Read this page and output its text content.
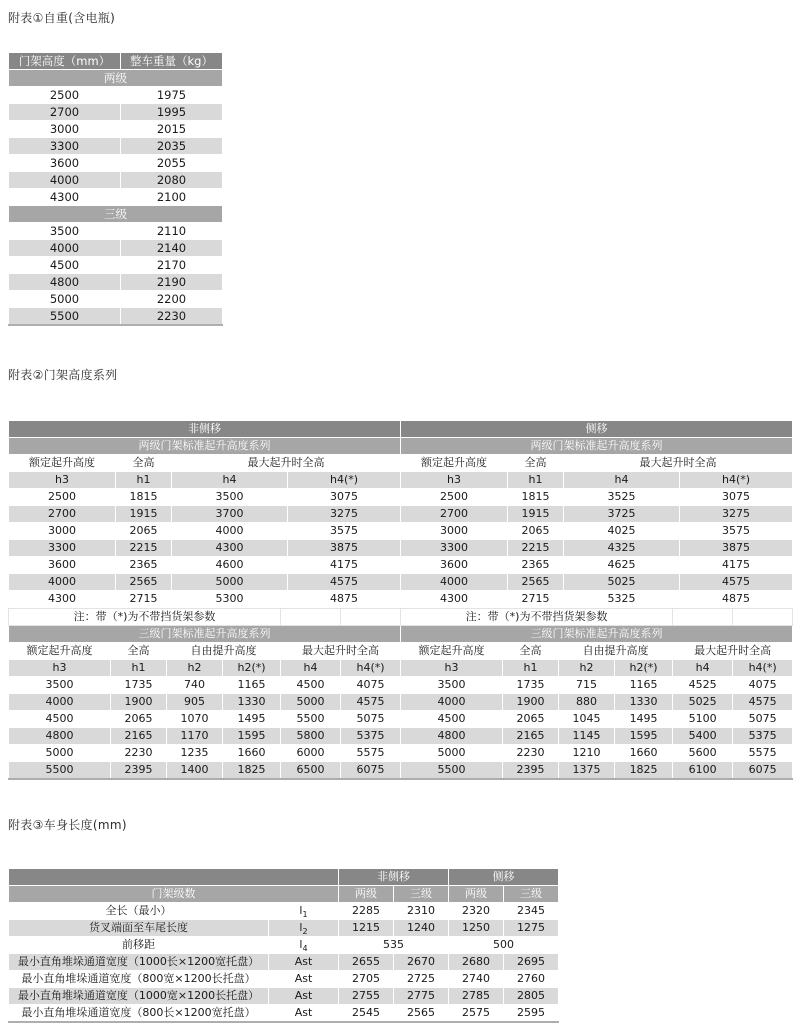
附表①自重(含电瓶)
门架高度（mm）	整车重量（kg）
两级	
2500	1975
2700	1995
3000	2015
3300	2035
3600	2055
4000	2080
4300	2100
三级	
3500	2110
4000	2140
4500	2170
4800	2190
5000	2200
5500	2230
附表②门架高度系列
非侧移				侧移			
两级门架标准起升高度系列				两级门架标准起升高度系列			
额定起升高度	全高	最大起升时全高		额定起升高度	全高	最大起升时全高	
h3	h1	h4	h4(*)	h3	h1	h4	h4(*)
2500	1815	3500	3075	2500	1815	3525	3075
2700	1915	3700	3275	2700	1915	3725	3275
3000	2065	4000	3575	3000	2065	4025	3575
3300	2215	4300	3875	3300	2215	4325	3875
3600	2365	4600	4175	3600	2365	4625	4175
4000	2565	5000	4575	4000	2565	5025	4575
4300	2715	5300	4875	4300	2715	5325	4875
注：带（*)为不带挡货架参数						注：带（*)为不带挡货架参数					
三级门架标准起升高度系列						三级门架标准起升高度系列					
额定起升高度	全高	自由提升高度		最大起升时全高		额定起升高度	全高	自由提升高度		最大起升时全高	
h3	h1	h2	h2(*)	h4	h4(*)	h3	h1	h2	h2(*)	h4	h4(*)
3500	1735	740	1165	4500	4075	3500	1735	715	1165	4525	4075
4000	1900	905	1330	5000	4575	4000	1900	880	1330	5025	4575
4500	2065	1070	1495	5500	5075	4500	2065	1045	1495	5100	5075
4800	2165	1170	1595	5800	5375	4800	2165	1145	1595	5400	5375
5000	2230	1235	1660	6000	5575	5000	2230	1210	1660	5600	5575
5500	2395	1400	1825	6500	6075	5500	2395	1375	1825	6100	6075
附表③车身长度(mm)
		非侧移		侧移	
门架级数		两级	三级	两级	三级
全长（最小）	$l_1$	2285	2310	2320	2345
货叉端面至车尾长度	$l_2$	1215	1240	1250	1275
前移距	$l_4$	535		500	
最小直角堆垛通道宽度（1000长×1200宽托盘）	Ast	2655	2670	2680	2695
最小直角堆垛通道宽度（800宽×1200长托盘）	Ast	2705	2725	2740	2760
最小直角堆垛通道宽度（1000宽×1200长托盘）	Ast	2755	2775	2785	2805
最小直角堆垛通道宽度（800长×1200宽托盘）	Ast	2545	2565	2575	2595
